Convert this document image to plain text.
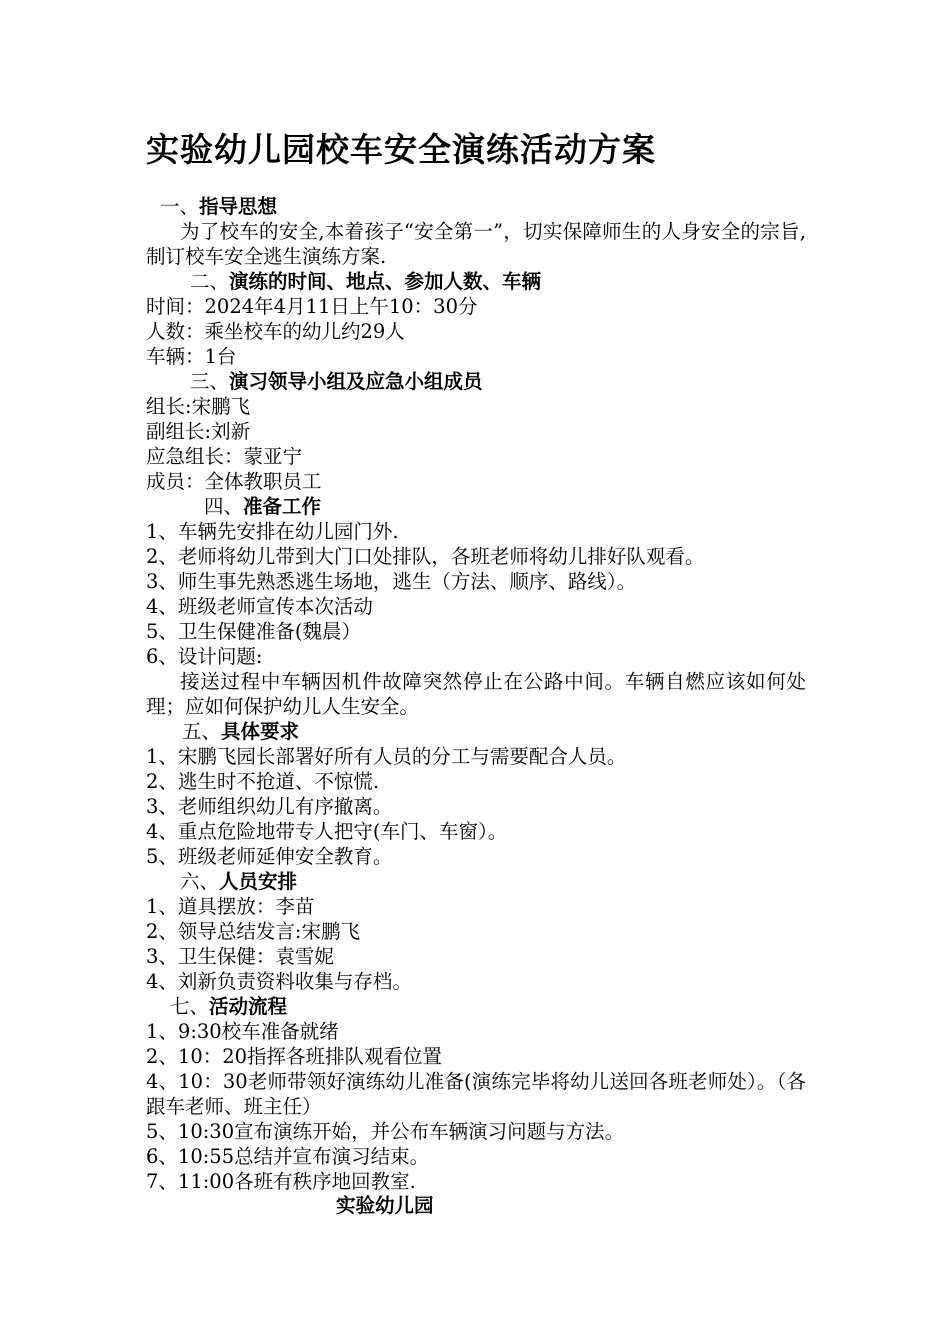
实验幼儿园校车安全演练活动方案
一、指导思想
为了校车的安全,本着孩子“安全第一”，切实保障师生的人身安全的宗旨,制订校车安全逃生演练方案.
二、演练的时间、地点、参加人数、车辆
时间：2024年4月11日上午10：30分
人数：乘坐校车的幼儿约29人
车辆：1台
三、演习领导小组及应急小组成员
组长:宋鹏飞
副组长:刘新
应急组长：蒙亚宁
成员：全体教职员工
四、准备工作
1、车辆先安排在幼儿园门外.
2、老师将幼儿带到大门口处排队，各班老师将幼儿排好队观看。
3、师生事先熟悉逃生场地，逃生（方法、顺序、路线）。
4、班级老师宣传本次活动
5、卫生保健准备(魏晨）
6、设计问题:
接送过程中车辆因机件故障突然停止在公路中间。车辆自燃应该如何处理；应如何保护幼儿人生安全。
五、具体要求
1、宋鹏飞园长部署好所有人员的分工与需要配合人员。
2、逃生时不抢道、不惊慌.
3、老师组织幼儿有序撤离。
4、重点危险地带专人把守(车门、车窗）。
5、班级老师延伸安全教育。
六、人员安排
1、道具摆放：李苗
2、领导总结发言:宋鹏飞
3、卫生保健：袁雪妮
4、刘新负责资料收集与存档。
七、活动流程
1、9:30校车准备就绪
2、10：20指挥各班排队观看位置
4、10：30老师带领好演练幼儿准备(演练完毕将幼儿送回各班老师处）。（各跟车老师、班主任）
5、10:30宣布演练开始，并公布车辆演习问题与方法。
6、10:55总结并宣布演习结束。
7、11:00各班有秩序地回教室.
实验幼儿园
